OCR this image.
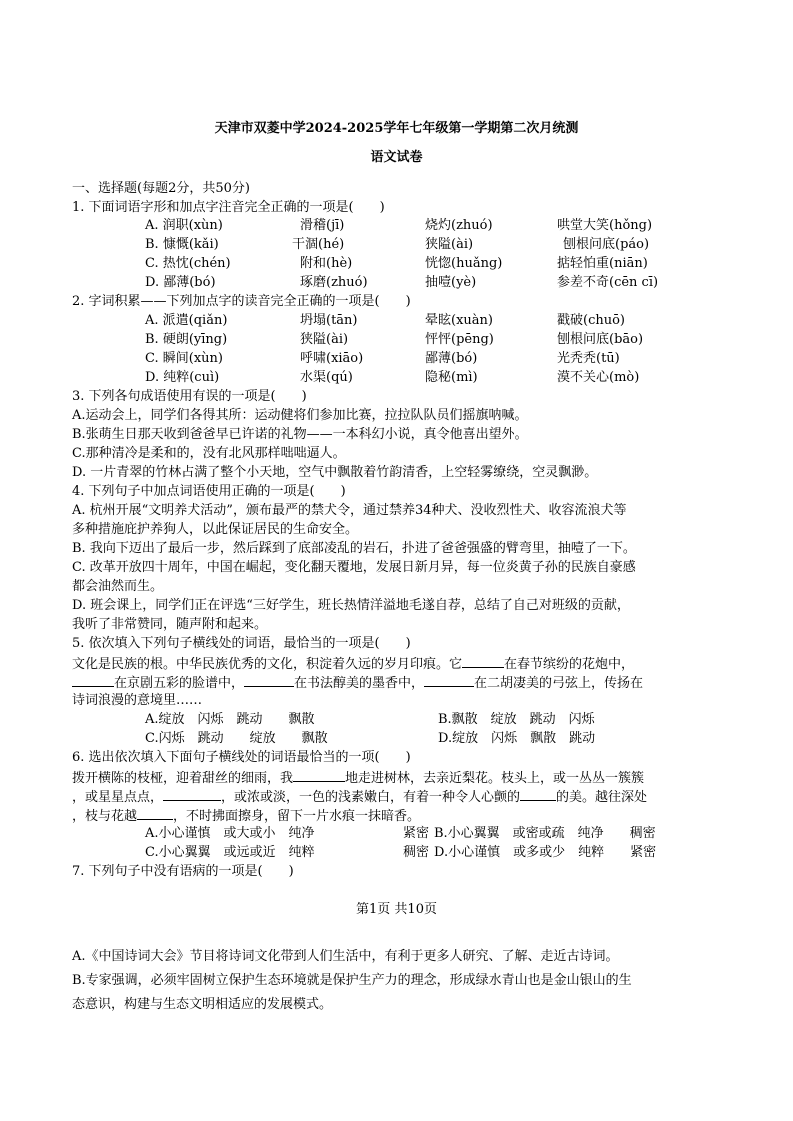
天津市双菱中学2024-2025学年七年级第一学期第二次月统测
语文试卷
一、选择题(每题2分，共50分)
1. 下面词语字形和加点字注音完全正确的一项是(　　)
A. 润职(xùn)	滑稽(jī)	烧灼(zhuó)	哄堂大笑(hǒng)
B. 慷慨(kǎi)	干涸(hé)	狭隘(ài)	刨根问底(páo)
C. 热忱(chén)	附和(hè)	恍惚(huǎng)	掂轻怕重(niān)
D. 鄙薄(bó)	琢磨(zhuó)	抽噎(yè)	参差不奇(cēn cī)
2. 字词积累——下列加点字的读音完全正确的一项是(　　)
A. 派遣(qiǎn)	坍塌(tān)	晕眩(xuàn)	戳破(chuō)
B. 硬朗(yīng)	狭隘(ài)	怦怦(pēng)	刨根问底(bāo)
C. 瞬间(xùn)	呼啸(xiāo)	鄙薄(bó)	光秃秃(tū)
D. 纯粹(cuì)	水渠(qú)	隐秘(mì)	漠不关心(mò)
3. 下列各句成语使用有误的一项是(　　)
A.运动会上，同学们各得其所：运动健将们参加比赛，拉拉队队员们摇旗呐喊。
B.张萌生日那天收到爸爸早已许诺的礼物——一本科幻小说，真令他喜出望外。
C.那种清冷是柔和的，没有北风那样咄咄逼人。
D. 一片青翠的竹林占满了整个小天地，空气中飘散着竹韵清香，上空轻雾缭绕，空灵飘渺。
4. 下列句子中加点词语使用正确的一项是(　　)
A. 杭州开展“文明养犬活动”，颁布最严的禁犬令，通过禁养34种犬、没收烈性犬、收容流浪犬等
多种措施庇护养狗人，以此保证居民的生命安全。
B. 我向下迈出了最后一步，然后踩到了底部凌乱的岩石，扑进了爸爸强盛的臂弯里，抽噎了一下。
C. 改革开放四十周年，中国在崛起，变化翻天覆地，发展日新月异，每一位炎黄子孙的民族自豪感
都会油然而生。
D. 班会课上，同学们正在评选“三好学生，班长热情洋溢地毛遂自荐，总结了自己对班级的贡献，
我听了非常赞同，随声附和起来。
5. 依次填入下列句子横线处的词语，最恰当的一项是(　　)
文化是民族的根。中华民族优秀的文化，积淀着久远的岁月印痕。它	在春节缤纷的花炮中，
在京剧五彩的脸谱中，	在书法醇美的墨香中，	在二胡凄美的弓弦上，传扬在
诗词浪漫的意境里……
A.绽放　闪烁　跳动　　飘散	B.飘散　绽放　跳动　闪烁
C.闪烁　跳动　　绽放　　飘散	D.绽放　闪烁　飘散　跳动
6. 选出依次填入下面句子横线处的词语最恰当的一项(　　)
拨开横陈的枝桠，迎着甜丝的细雨，我	地走进树林，去亲近梨花。枝头上，或一丛丛一簇簇
，或星星点点，	，或浓或淡，一色的浅素嫩白，有着一种令人心颤的	的美。越往深处
，枝与花越	，不时拂面擦身，留下一片水痕一抹暗香。
A.小心谨慎　或大或小　纯净	紧密 B.小心翼翼　或密或疏　纯净　　稠密
C.小心翼翼　或远或近　纯粹	稠密 D.小心谨慎　或多或少　纯粹　　紧密
7. 下列句子中没有语病的一项是(　　)
第1页 共10页
A.《中国诗词大会》节目将诗词文化带到人们生活中，有利于更多人研究、了解、走近古诗词。
B.专家强调，必须牢固树立保护生态环境就是保护生产力的理念，形成绿水青山也是金山银山的生
态意识，构建与生态文明相适应的发展模式。
